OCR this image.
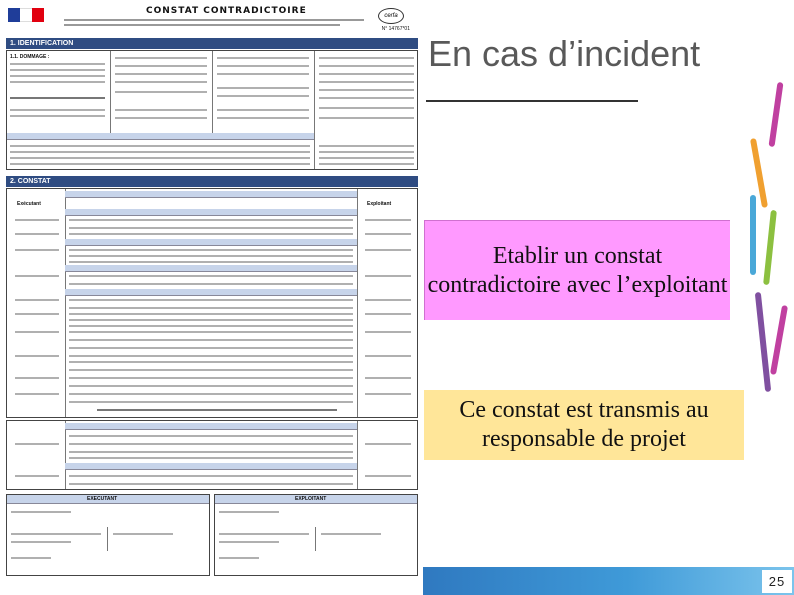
CONSTAT CONTRADICTOIRE	cerfa
N° 14767*01
1. IDENTIFICATION
1.1. DOMMAGE :
2. CONSTAT
Exécutant	Exploitant
EXECUTANT	EXPLOITANT
En cas d’incident
Etablir un constat contradictoire avec l’exploitant
Ce constat est transmis au responsable de projet
25
